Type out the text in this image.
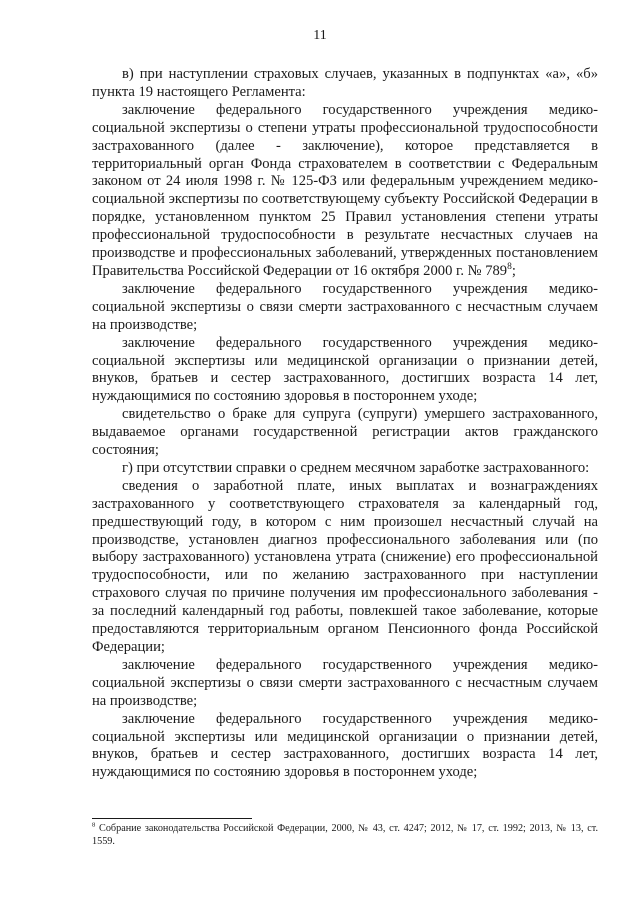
11

в) при наступлении страховых случаев, указанных в подпунктах «а», «б» пункта 19 настоящего Регламента:

заключение федерального государственного учреждения медико-социальной экспертизы о степени утраты профессиональной трудоспособности застрахованного (далее - заключение), которое представляется в территориальный орган Фонда страхователем в соответствии с Федеральным законом от 24 июля 1998 г. № 125-ФЗ или федеральным учреждением медико-социальной экспертизы по соответствующему субъекту Российской Федерации в порядке, установленном пунктом 25 Правил установления степени утраты профессиональной трудоспособности в результате несчастных случаев на производстве и профессиональных заболеваний, утвержденных постановлением Правительства Российской Федерации от 16 октября 2000 г. № $789^8$;

заключение федерального государственного учреждения медико-социальной экспертизы о связи смерти застрахованного с несчастным случаем на производстве;

заключение федерального государственного учреждения медико-социальной экспертизы или медицинской организации о признании детей, внуков, братьев и сестер застрахованного, достигших возраста 14 лет, нуждающимися по состоянию здоровья в постороннем уходе;

свидетельство о браке для супруга (супруги) умершего застрахованного, выдаваемое органами государственной регистрации актов гражданского состояния;

г) при отсутствии справки о среднем месячном заработке застрахованного:

сведения о заработной плате, иных выплатах и вознаграждениях застрахованного у соответствующего страхователя за календарный год, предшествующий году, в котором с ним произошел несчастный случай на производстве, установлен диагноз профессионального заболевания или (по выбору застрахованного) установлена утрата (снижение) его профессиональной трудоспособности, или по желанию застрахованного при наступлении страхового случая по причине получения им профессионального заболевания - за последний календарный год работы, повлекшей такое заболевание, которые предоставляются территориальным органом Пенсионного фонда Российской Федерации;

заключение федерального государственного учреждения медико-социальной экспертизы о связи смерти застрахованного с несчастным случаем на производстве;

заключение федерального государственного учреждения медико-социальной экспертизы или медицинской организации о признании детей, внуков, братьев и сестер застрахованного, достигших возраста 14 лет, нуждающимися по состоянию здоровья в постороннем уходе;

$^8$ Собрание законодательства Российской Федерации, 2000, № 43, ст. 4247; 2012, № 17, ст. 1992; 2013, № 13, ст. 1559.
